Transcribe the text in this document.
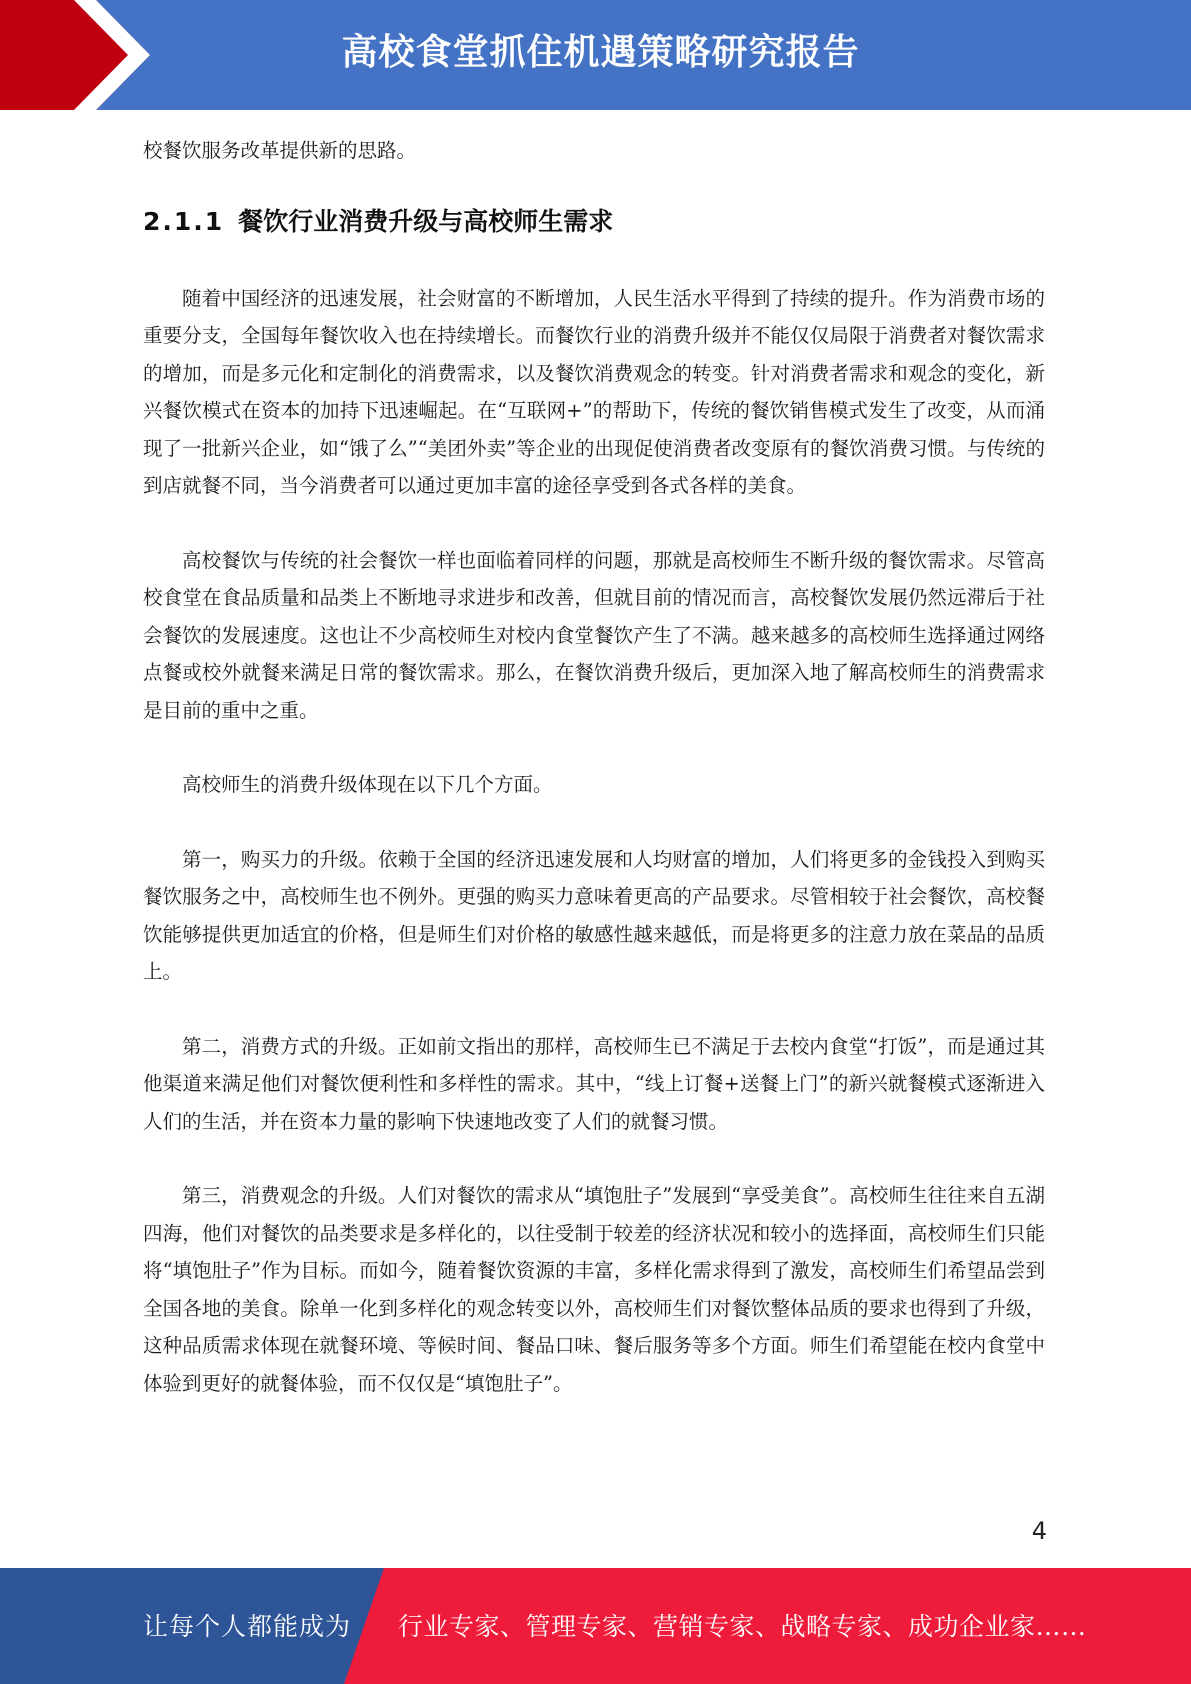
高校食堂抓住机遇策略研究报告

校餐饮服务改革提供新的思路。

2.1.1 餐饮行业消费升级与高校师生需求

随着中国经济的迅速发展，社会财富的不断增加，人民生活水平得到了持续的提升。作为消费市场的重要分支，全国每年餐饮收入也在持续增长。而餐饮行业的消费升级并不能仅仅局限于消费者对餐饮需求的增加，而是多元化和定制化的消费需求，以及餐饮消费观念的转变。针对消费者需求和观念的变化，新兴餐饮模式在资本的加持下迅速崛起。在“互联网+”的帮助下，传统的餐饮销售模式发生了改变，从而涌现了一批新兴企业，如“饿了么”“美团外卖”等企业的出现促使消费者改变原有的餐饮消费习惯。与传统的到店就餐不同，当今消费者可以通过更加丰富的途径享受到各式各样的美食。

高校餐饮与传统的社会餐饮一样也面临着同样的问题，那就是高校师生不断升级的餐饮需求。尽管高校食堂在食品质量和品类上不断地寻求进步和改善，但就目前的情况而言，高校餐饮发展仍然远滞后于社会餐饮的发展速度。这也让不少高校师生对校内食堂餐饮产生了不满。越来越多的高校师生选择通过网络点餐或校外就餐来满足日常的餐饮需求。那么，在餐饮消费升级后，更加深入地了解高校师生的消费需求是目前的重中之重。

高校师生的消费升级体现在以下几个方面。

第一，购买力的升级。依赖于全国的经济迅速发展和人均财富的增加，人们将更多的金钱投入到购买餐饮服务之中，高校师生也不例外。更强的购买力意味着更高的产品要求。尽管相较于社会餐饮，高校餐饮能够提供更加适宜的价格，但是师生们对价格的敏感性越来越低，而是将更多的注意力放在菜品的品质上。

第二，消费方式的升级。正如前文指出的那样，高校师生已不满足于去校内食堂“打饭”，而是通过其他渠道来满足他们对餐饮便利性和多样性的需求。其中，“线上订餐+送餐上门”的新兴就餐模式逐渐进入人们的生活，并在资本力量的影响下快速地改变了人们的就餐习惯。

第三，消费观念的升级。人们对餐饮的需求从“填饱肚子”发展到“享受美食”。高校师生往往来自五湖四海，他们对餐饮的品类要求是多样化的，以往受制于较差的经济状况和较小的选择面，高校师生们只能将“填饱肚子”作为目标。而如今，随着餐饮资源的丰富，多样化需求得到了激发，高校师生们希望品尝到全国各地的美食。除单一化到多样化的观念转变以外，高校师生们对餐饮整体品质的要求也得到了升级，这种品质需求体现在就餐环境、等候时间、餐品口味、餐后服务等多个方面。师生们希望能在校内食堂中体验到更好的就餐体验，而不仅仅是“填饱肚子”。

4
让每个人都能成为 行业专家、管理专家、营销专家、战略专家、成功企业家……
